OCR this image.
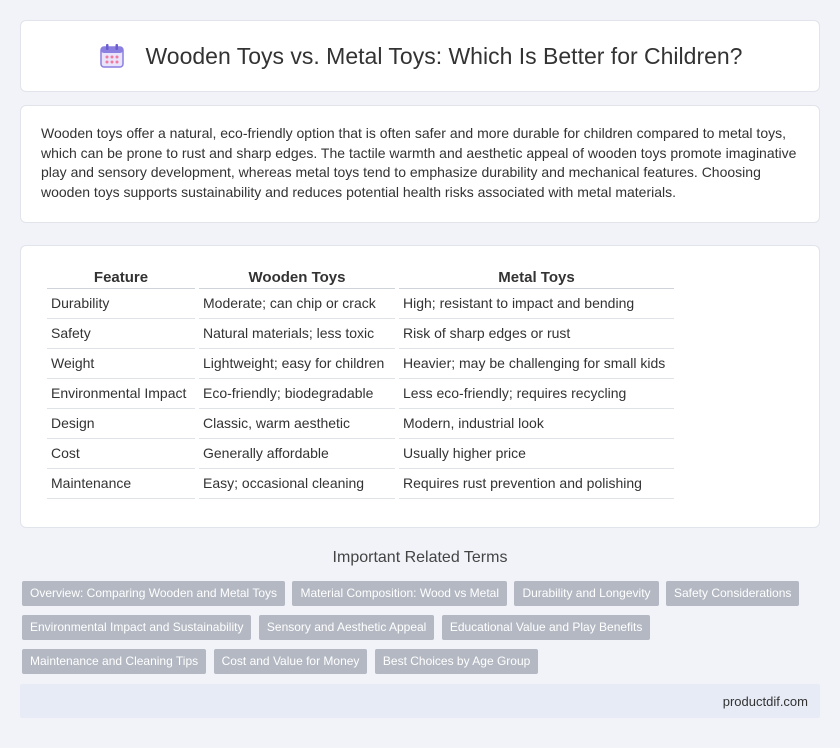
Wooden Toys vs. Metal Toys: Which Is Better for Children?

Wooden toys offer a natural, eco-friendly option that is often safer and more durable for children compared to metal toys, which can be prone to rust and sharp edges. The tactile warmth and aesthetic appeal of wooden toys promote imaginative play and sensory development, whereas metal toys tend to emphasize durability and mechanical features. Choosing wooden toys supports sustainability and reduces potential health risks associated with metal materials.

Feature	Wooden Toys	Metal Toys
Durability	Moderate; can chip or crack	High; resistant to impact and bending
Safety	Natural materials; less toxic	Risk of sharp edges or rust
Weight	Lightweight; easy for children	Heavier; may be challenging for small kids
Environmental Impact	Eco-friendly; biodegradable	Less eco-friendly; requires recycling
Design	Classic, warm aesthetic	Modern, industrial look
Cost	Generally affordable	Usually higher price
Maintenance	Easy; occasional cleaning	Requires rust prevention and polishing
Important Related Terms
Overview: Comparing Wooden and Metal Toys Material Composition: Wood vs Metal Durability and Longevity Safety Considerations Environmental Impact and Sustainability Sensory and Aesthetic Appeal Educational Value and Play Benefits Maintenance and Cleaning Tips Cost and Value for Money Best Choices by Age Group
productdif.com
